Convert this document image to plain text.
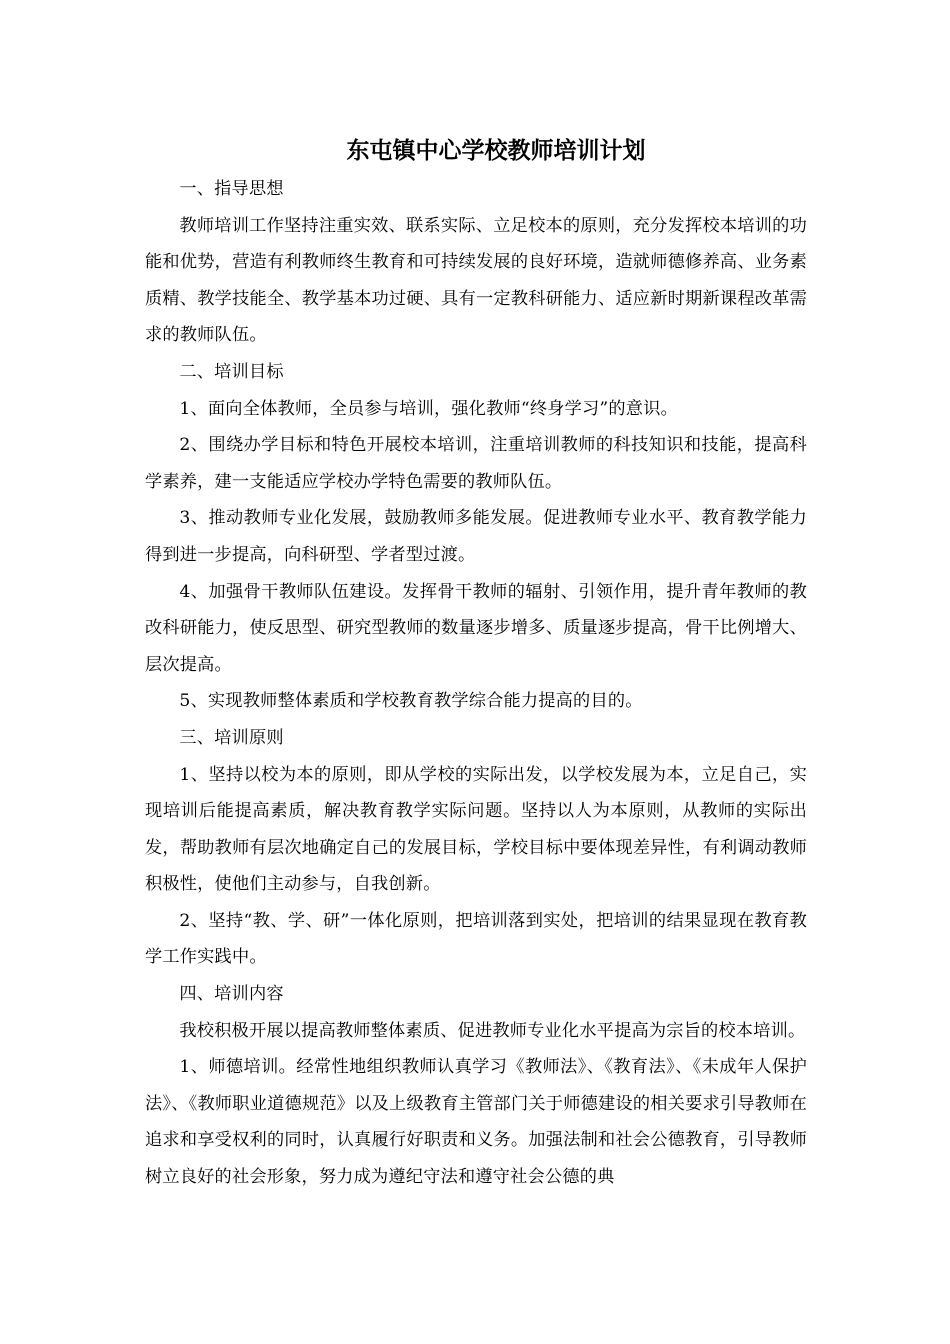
东屯镇中心学校教师培训计划

一、指导思想

教师培训工作坚持注重实效、联系实际、立足校本的原则，充分发挥校本培训的功能和优势，营造有利教师终生教育和可持续发展的良好环境，造就师德修养高、业务素质精、教学技能全、教学基本功过硬、具有一定教科研能力、适应新时期新课程改革需求的教师队伍。

二、培训目标

1、面向全体教师，全员参与培训，强化教师“终身学习”的意识。

2、围绕办学目标和特色开展校本培训，注重培训教师的科技知识和技能，提高科学素养，建一支能适应学校办学特色需要的教师队伍。

3、推动教师专业化发展，鼓励教师多能发展。促进教师专业水平、教育教学能力得到进一步提高，向科研型、学者型过渡。

4、加强骨干教师队伍建设。发挥骨干教师的辐射、引领作用，提升青年教师的教改科研能力，使反思型、研究型教师的数量逐步增多、质量逐步提高，骨干比例增大、层次提高。

5、实现教师整体素质和学校教育教学综合能力提高的目的。

三、培训原则

1、坚持以校为本的原则，即从学校的实际出发，以学校发展为本，立足自己，实现培训后能提高素质，解决教育教学实际问题。坚持以人为本原则，从教师的实际出发，帮助教师有层次地确定自己的发展目标，学校目标中要体现差异性，有利调动教师积极性，使他们主动参与，自我创新。

2、坚持“教、学、研”一体化原则，把培训落到实处，把培训的结果显现在教育教学工作实践中。

四、培训内容

我校积极开展以提高教师整体素质、促进教师专业化水平提高为宗旨的校本培训。

1、师德培训。经常性地组织教师认真学习《教师法》、《教育法》、《未成年人保护法》、《教师职业道德规范》以及上级教育主管部门关于师德建设的相关要求引导教师在追求和享受权利的同时，认真履行好职责和义务。加强法制和社会公德教育，引导教师树立良好的社会形象，努力成为遵纪守法和遵守社会公德的典
